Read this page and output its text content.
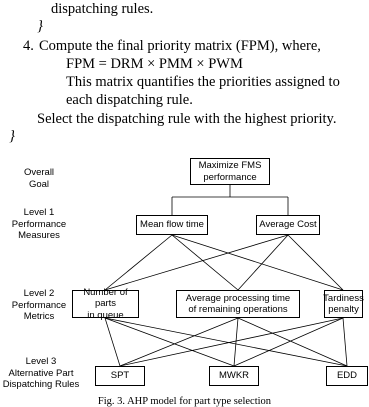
dispatching rules.
}
4. Compute the final priority matrix (FPM), where,
FPM = DRM × PMM × PWM
This matrix quantifies the priorities assigned to
each dispatching rule.
Select the dispatching rule with the highest priority.
}
Overall
Goal
Level 1
Performance
Measures
Level 2
Performance
Metrics
Level 3
Alternative Part
Dispatching Rules
Maximize FMS
performance
Mean flow time	Average Cost
Number of parts
in queue
Average processing time
of remaining operations
Tardiness
penalty
SPT	MWKR	EDD
Fig. 3. AHP model for part type selection
